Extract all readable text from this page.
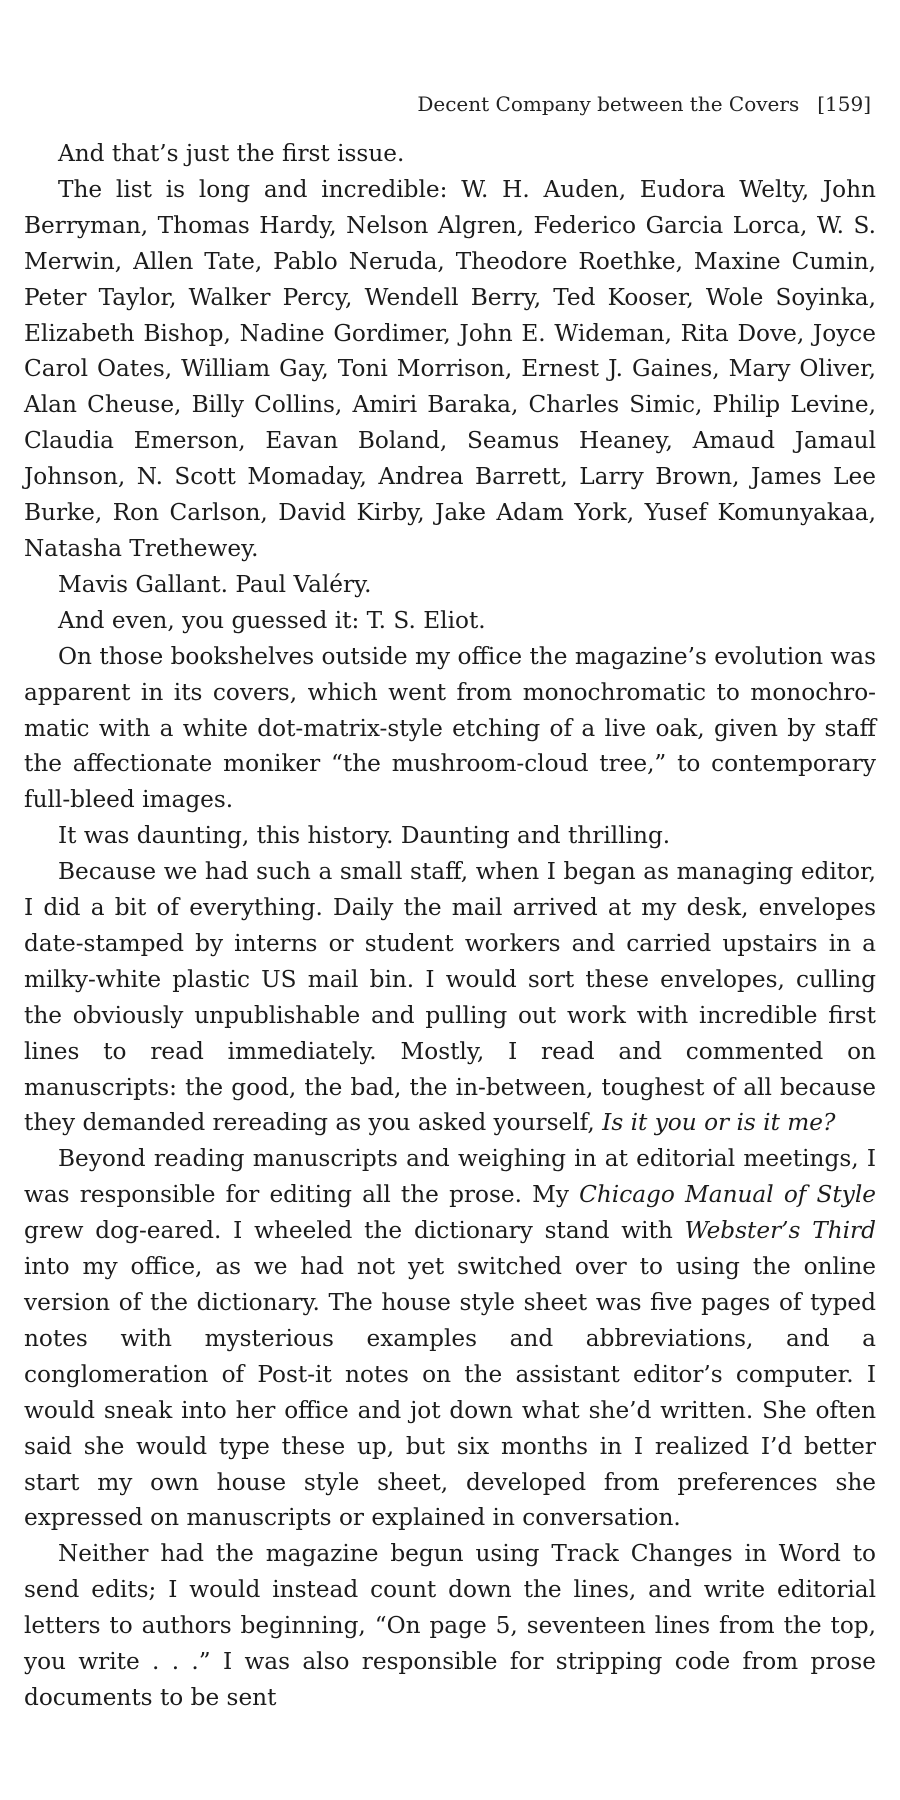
Decent Company between the Covers [159]

And that’s just the first issue.

The list is long and incredible: W. H. Auden, Eudora Welty, John Berryman, Thomas Hardy, Nelson Algren, Federico Garcia Lorca, W. S. Merwin, Allen Tate, Pablo Neruda, Theodore Roethke, Maxine Cumin, Peter Taylor, Walker Percy, Wendell Berry, Ted Kooser, Wole Soyinka, Elizabeth Bishop, Nadine Gordimer, John E. Wideman, Rita Dove, Joyce Carol Oates, William Gay, Toni Morrison, Ernest J. Gaines, Mary Oliver, Alan Cheuse, Billy Collins, Amiri Baraka, Charles Simic, Philip Levine, Claudia Emerson, Eavan Boland, Seamus Heaney, Amaud Jamaul Johnson, N. Scott Momaday, Andrea Barrett, Larry Brown, James Lee Burke, Ron Carlson, David Kirby, Jake Adam York, Yusef Komunyakaa, Natasha Trethewey.

Mavis Gallant. Paul Valéry.

And even, you guessed it: T. S. Eliot.

On those bookshelves outside my office the magazine’s evolution was apparent in its covers, which went from monochromatic to monochromatic with a white dot-matrix-style etching of a live oak, given by staff the affectionate moniker “the mushroom-cloud tree,” to contemporary full-bleed images.

It was daunting, this history. Daunting and thrilling.

Because we had such a small staff, when I began as managing editor, I did a bit of everything. Daily the mail arrived at my desk, envelopes date-stamped by interns or student workers and carried upstairs in a milky-white plastic US mail bin. I would sort these envelopes, culling the obviously unpublishable and pulling out work with incredible first lines to read immediately. Mostly, I read and commented on manuscripts: the good, the bad, the in-between, toughest of all because they demanded rereading as you asked yourself, Is it you or is it me?

Beyond reading manuscripts and weighing in at editorial meetings, I was responsible for editing all the prose. My Chicago Manual of Style grew dog-eared. I wheeled the dictionary stand with Webster’s Third into my office, as we had not yet switched over to using the online version of the dictionary. The house style sheet was five pages of typed notes with mysterious examples and abbreviations, and a conglomeration of Post-it notes on the assistant editor’s computer. I would sneak into her office and jot down what she’d written. She often said she would type these up, but six months in I realized I’d better start my own house style sheet, developed from preferences she expressed on manuscripts or explained in conversation.

Neither had the magazine begun using Track Changes in Word to send edits; I would instead count down the lines, and write editorial letters to authors beginning, “On page 5, seventeen lines from the top, you write . . .” I was also responsible for stripping code from prose documents to be sent
